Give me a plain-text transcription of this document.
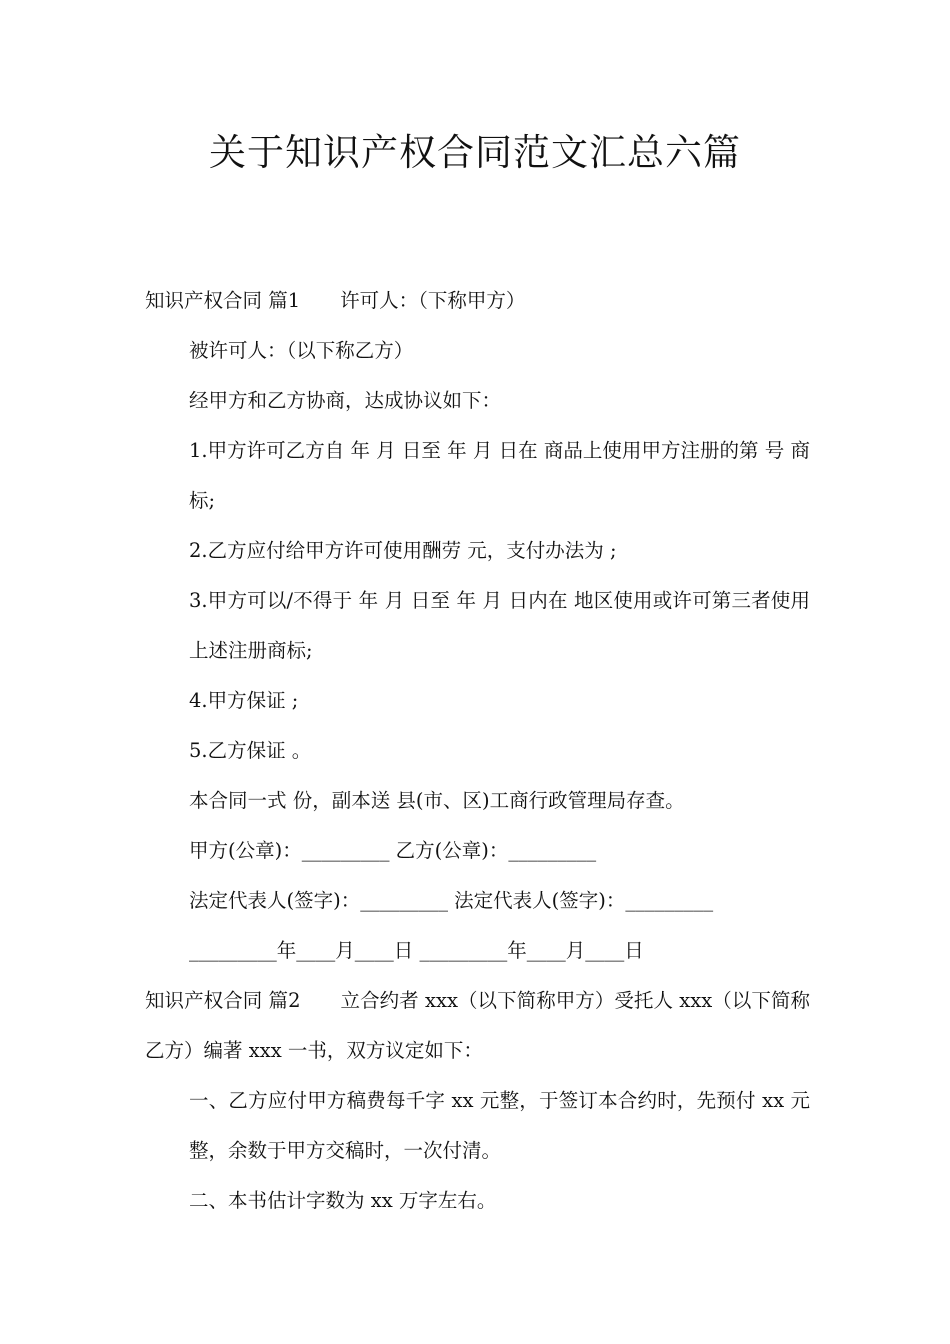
关于知识产权合同范文汇总六篇

知识产权合同 篇1 许可人：（下称甲方）

被许可人：（以下称乙方）

经甲方和乙方协商，达成协议如下：

1.甲方许可乙方自 年 月 日至 年 月 日在 商品上使用甲方注册的第 号 商标;

2.乙方应付给甲方许可使用酬劳 元，支付办法为 ;

3.甲方可以/不得于 年 月 日至 年 月 日内在 地区使用或许可第三者使用上述注册商标;

4.甲方保证 ;

5.乙方保证 。

本合同一式 份，副本送 县(市、区)工商行政管理局存查。

甲方(公章)：_________ 乙方(公章)：_________

法定代表人(签字)：_________ 法定代表人(签字)：_________

_________年____月____日 _________年____月____日

知识产权合同 篇2 立合约者 xxx（以下简称甲方）受托人 xxx（以下简称乙方）编著 xxx 一书，双方议定如下：

一、乙方应付甲方稿费每千字 xx 元整，于签订本合约时，先预付 xx 元整，余数于甲方交稿时，一次付清。

二、本书估计字数为 xx 万字左右。
